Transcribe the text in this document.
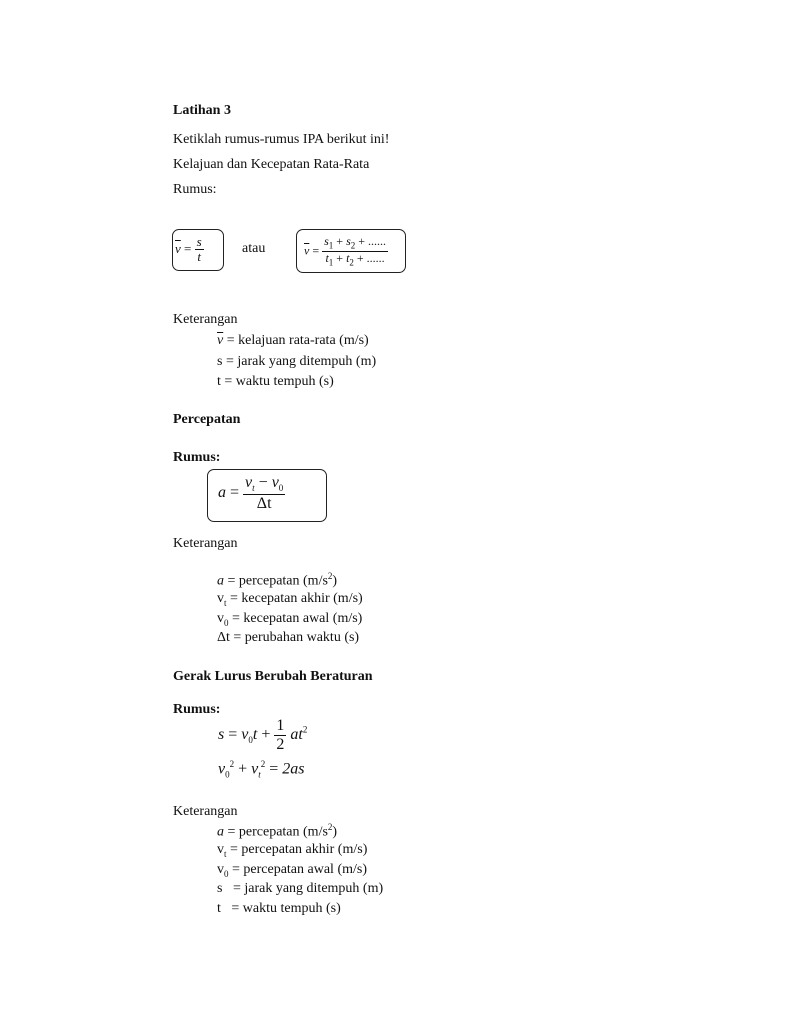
Latihan 3
Ketiklah rumus-rumus IPA berikut ini!
Kelajuan dan Kecepatan Rata-Rata
Rumus:
$\overline{v} = \frac{s}{t}$	atau	$\overline{v} = \frac{s_1 + s_2 + ......}{t_1 + t_2 + ......}$
Keterangan
$\overline{v}$ = kelajuan rata-rata (m/s)
s = jarak yang ditempuh (m)
t = waktu tempuh (s)
Percepatan
Rumus:
$a = \frac{v_t - v_0}{\Delta t}$
Keterangan
a = percepatan $(m/s^2)$
$v_t$ = kecepatan akhir (m/s)
$v_0$ = kecepatan awal (m/s)
Δt = perubahan waktu (s)
Gerak Lurus Berubah Beraturan
Rumus:
$s = v_0t + \frac{1}{2} at^2$
$v_0^2 + v_t^2 = 2as$
Keterangan
a = percepatan $(m/s^2)$
$v_t$ = percepatan akhir (m/s)
$v_0$ = percepatan awal (m/s)
s   = jarak yang ditempuh (m)
t   = waktu tempuh (s)
